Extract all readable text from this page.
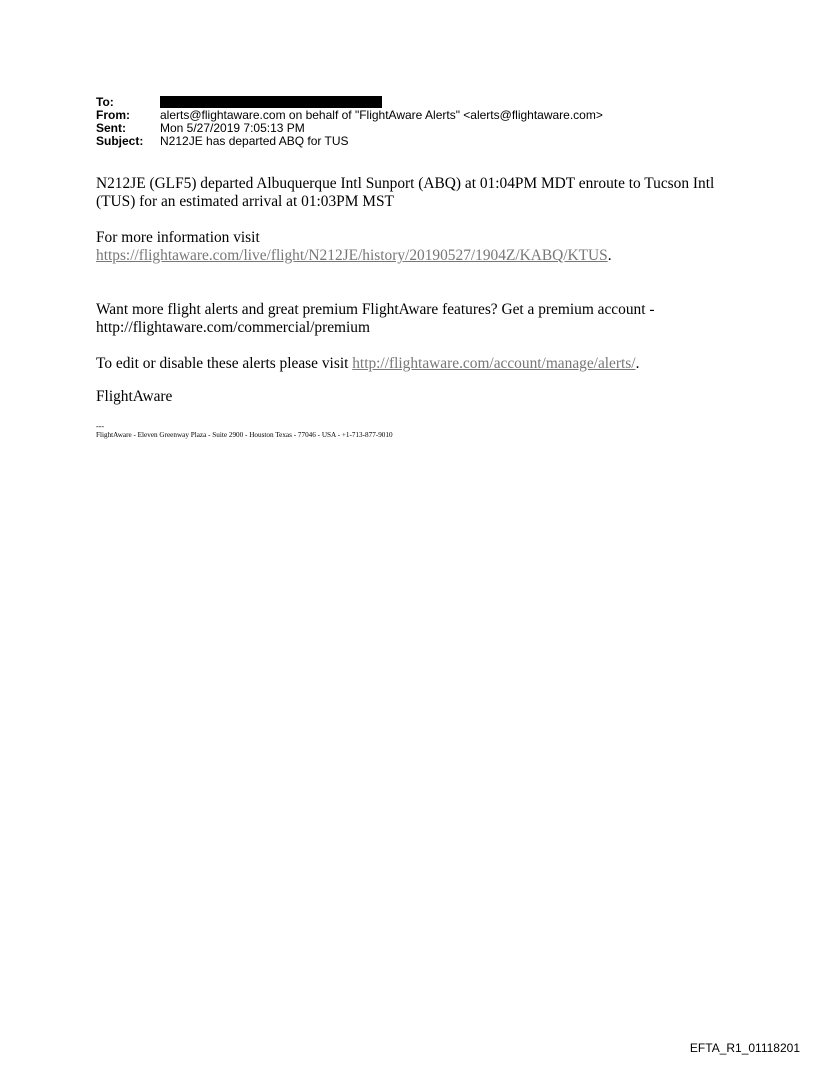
To:
From:	alerts@flightaware.com on behalf of "FlightAware Alerts" <alerts@flightaware.com>
Sent:	Mon 5/27/2019 7:05:13 PM
Subject:	N212JE has departed ABQ for TUS

N212JE (GLF5) departed Albuquerque Intl Sunport (ABQ) at 01:04PM MDT enroute to Tucson Intl (TUS) for an estimated arrival at 01:03PM MST

For more information visit
https://flightaware.com/live/flight/N212JE/history/20190527/1904Z/KABQ/KTUS.

Want more flight alerts and great premium FlightAware features? Get a premium account - http://flightaware.com/commercial/premium

To edit or disable these alerts please visit http://flightaware.com/account/manage/alerts/.

FlightAware

---
FlightAware - Eleven Greenway Plaza - Suite 2900 - Houston Texas - 77046 - USA - +1-713-877-9010
EFTA_R1_01118201
